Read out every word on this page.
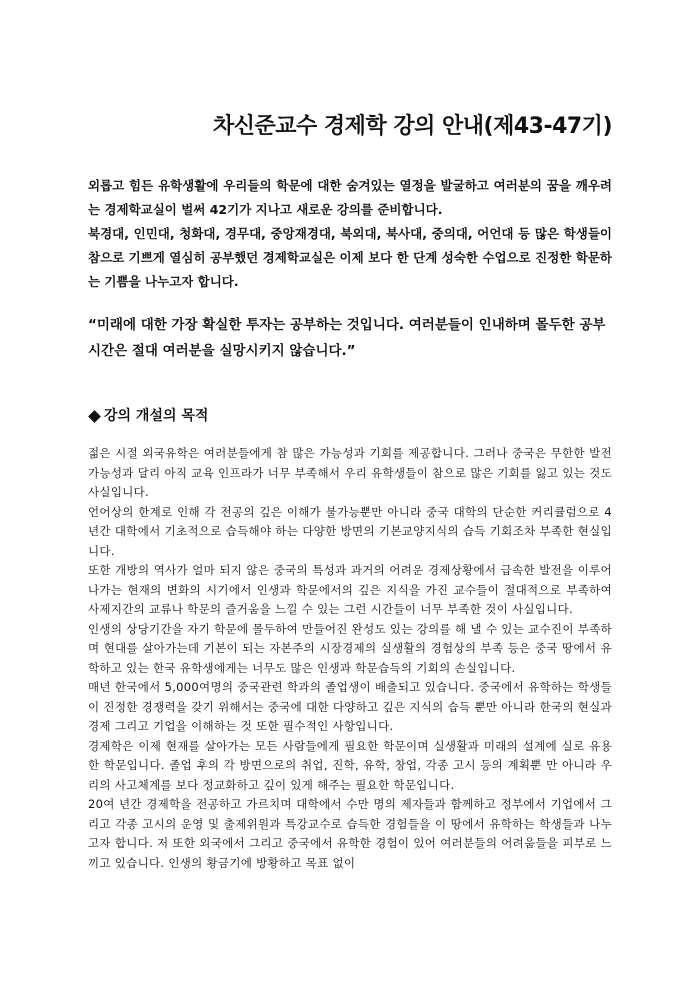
차신준교수 경제학 강의 안내(제43-47기)

외롭고 힘든 유학생활에 우리들의 학문에 대한 숨겨있는 열정을 발굴하고 여러분의 꿈을 깨우려는 경제학교실이 벌써 42기가 지나고 새로운 강의를 준비합니다.

북경대, 인민대, 청화대, 경무대, 중앙재경대, 북외대, 북사대, 중의대, 어언대 등 많은 학생들이 참으로 기쁘게 열심히 공부했던 경제학교실은 이제 보다 한 단계 성숙한 수업으로 진정한 학문하는 기쁨을 나누고자 합니다.

“미래에 대한 가장 확실한 투자는 공부하는 것입니다. 여러분들이 인내하며 몰두한 공부시간은 절대 여러분을 실망시키지 않습니다.”

강의 개설의 목적

젊은 시절 외국유학은 여러분들에게 참 많은 가능성과 기회를 제공합니다. 그러나 중국은 무한한 발전가능성과 달리 아직 교육 인프라가 너무 부족해서 우리 유학생들이 참으로 많은 기회를 잃고 있는 것도 사실입니다.

언어상의 한계로 인해 각 전공의 깊은 이해가 불가능뿐만 아니라 중국 대학의 단순한 커리큘럼으로 4년간 대학에서 기초적으로 습득해야 하는 다양한 방면의 기본교양지식의 습득 기회조차 부족한 현실입니다.

또한 개방의 역사가 얼마 되지 않은 중국의 특성과 과거의 어려운 경제상황에서 급속한 발전을 이루어 나가는 현재의 변화의 시기에서 인생과 학문에서의 깊은 지식을 가진 교수들이 절대적으로 부족하여 사제지간의 교류나 학문의 즐거움을 느낄 수 있는 그런 시간들이 너무 부족한 것이 사실입니다.

인생의 상당기간을 자기 학문에 몰두하여 만들어진 완성도 있는 강의를 해 낼 수 있는 교수진이 부족하며 현대를 살아가는데 기본이 되는 자본주의 시장경제의 실생활의 경험상의 부족 등은 중국 땅에서 유학하고 있는 한국 유학생에게는 너무도 많은 인생과 학문습득의 기회의 손실입니다.

매년 한국에서 5,000여명의 중국관련 학과의 졸업생이 배출되고 있습니다. 중국에서 유학하는 학생들이 진정한 경쟁력을 갖기 위해서는 중국에 대한 다양하고 깊은 지식의 습득 뿐만 아니라 한국의 현실과 경제 그리고 기업을 이해하는 것 또한 필수적인 사항입니다.

경제학은 이제 현재를 살아가는 모든 사람들에게 필요한 학문이며 실생활과 미래의 설계에 실로 유용한 학문입니다. 졸업 후의 각 방면으로의 취업, 진학, 유학, 창업, 각종 고시 등의 계획뿐 만 아니라 우리의 사고체계를 보다 정교화하고 깊이 있게 해주는 필요한 학문입니다.

20여 년간 경제학을 전공하고 가르치며 대학에서 수만 명의 제자들과 함께하고 정부에서 기업에서 그리고 각종 고시의 운영 및 출제위원과 특강교수로 습득한 경험들을 이 땅에서 유학하는 학생들과 나누고자 합니다. 저 또한 외국에서 그리고 중국에서 유학한 경험이 있어 여러분들의 어려움들을 피부로 느끼고 있습니다. 인생의 황금기에 방황하고 목표 없이
